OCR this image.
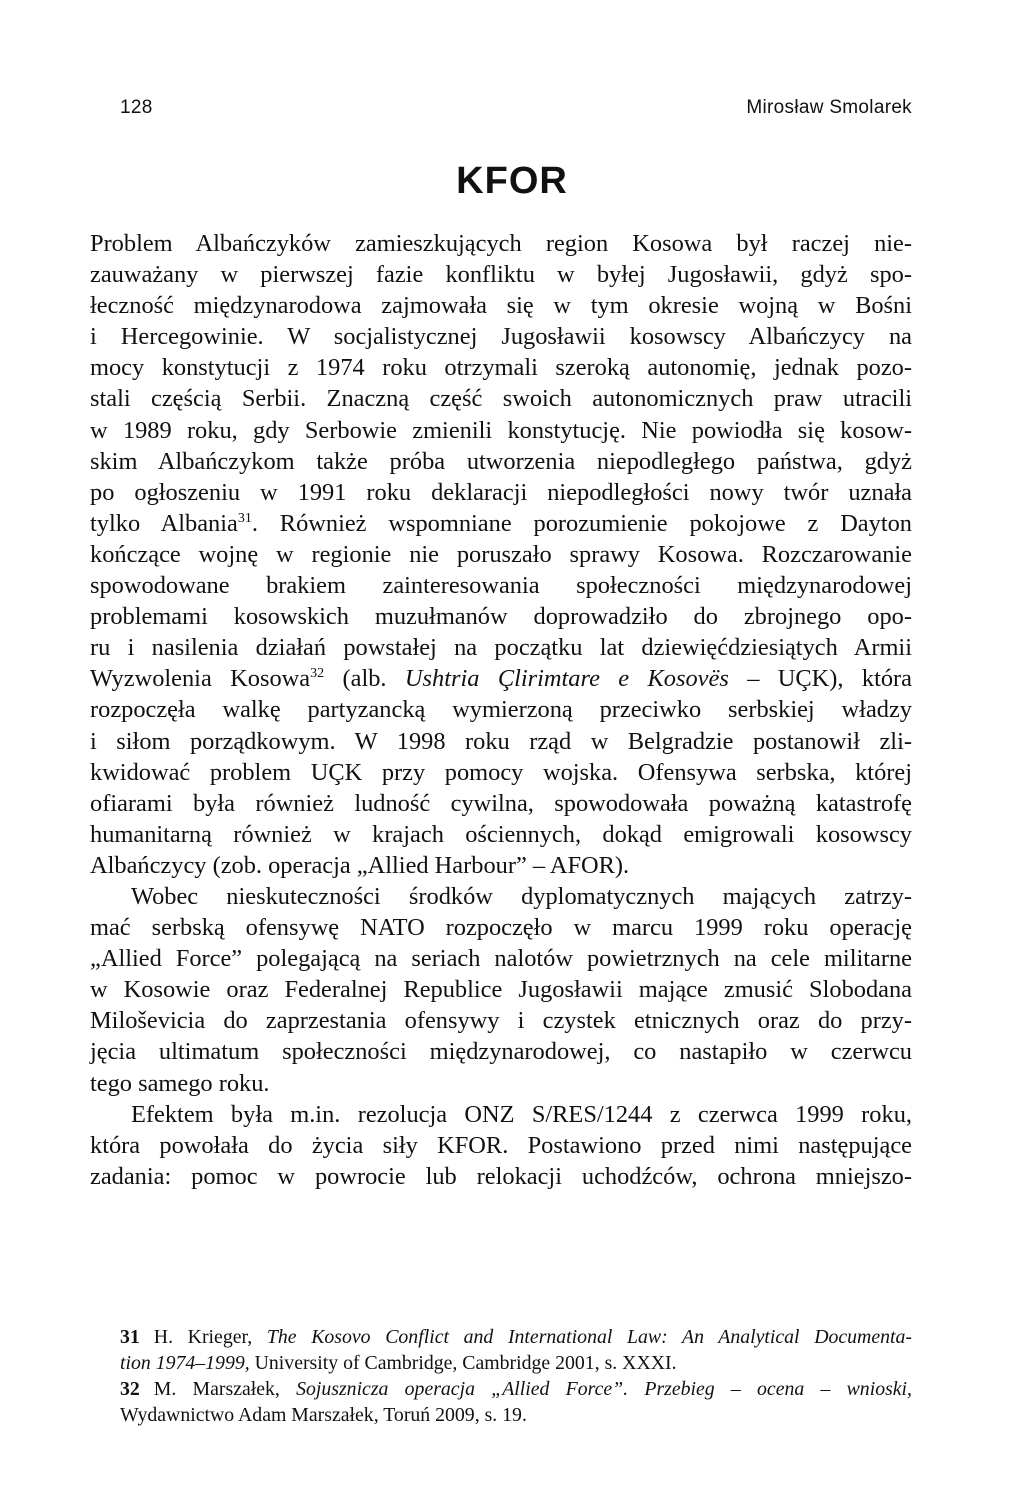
128	Mirosław Smolarek
KFOR

Problem Albańczyków zamieszkujących region Kosowa był raczej nie-
zauważany w pierwszej fazie konfliktu w byłej Jugosławii, gdyż spo-
łeczność międzynarodowa zajmowała się w tym okresie wojną w Bośni
i Hercegowinie. W socjalistycznej Jugosławii kosowscy Albańczycy na
mocy konstytucji z 1974 roku otrzymali szeroką autonomię, jednak pozo-
stali częścią Serbii. Znaczną część swoich autonomicznych praw utracili
w 1989 roku, gdy Serbowie zmienili konstytucję. Nie powiodła się kosow-
skim Albańczykom także próba utworzenia niepodległego państwa, gdyż
po ogłoszeniu w 1991 roku deklaracji niepodległości nowy twór uznała
tylko Albania$^{31}$. Również wspomniane porozumienie pokojowe z Dayton
kończące wojnę w regionie nie poruszało sprawy Kosowa. Rozczarowanie
spowodowane brakiem zainteresowania społeczności międzynarodowej
problemami kosowskich muzułmanów doprowadziło do zbrojnego opo-
ru i nasilenia działań powstałej na początku lat dziewięćdziesiątych Armii
Wyzwolenia Kosowa$^{32}$ (alb. Ushtria Çlirimtare e Kosovës – UÇK), która
rozpoczęła walkę partyzancką wymierzoną przeciwko serbskiej władzy
i siłom porządkowym. W 1998 roku rząd w Belgradzie postanowił zli-
kwidować problem UÇK przy pomocy wojska. Ofensywa serbska, której
ofiarami była również ludność cywilna, spowodowała poważną katastrofę
humanitarną również w krajach ościennych, dokąd emigrowali kosowscy
Albańczycy (zob. operacja „Allied Harbour” – AFOR).

Wobec nieskuteczności środków dyplomatycznych mających zatrzy-
mać serbską ofensywę NATO rozpoczęło w marcu 1999 roku operację
„Allied Force” polegającą na seriach nalotów powietrznych na cele militarne
w Kosowie oraz Federalnej Republice Jugosławii mające zmusić Slobodana
Miloševicia do zaprzestania ofensywy i czystek etnicznych oraz do przy-
jęcia ultimatum społeczności międzynarodowej, co nastapiło w czerwcu
tego samego roku.

Efektem była m.in. rezolucja ONZ S/RES/1244 z czerwca 1999 roku,
która powołała do życia siły KFOR. Postawiono przed nimi następujące
zadania: pomoc w powrocie lub relokacji uchodźców, ochrona mniejszo-

31 H. Krieger, The Kosovo Conflict and International Law: An Analytical Documenta-
tion 1974–1999, University of Cambridge, Cambridge 2001, s. XXXI.
32 M. Marszałek, Sojusznicza operacja „Allied Force”. Przebieg – ocena – wnioski,
Wydawnictwo Adam Marszałek, Toruń 2009, s. 19.
